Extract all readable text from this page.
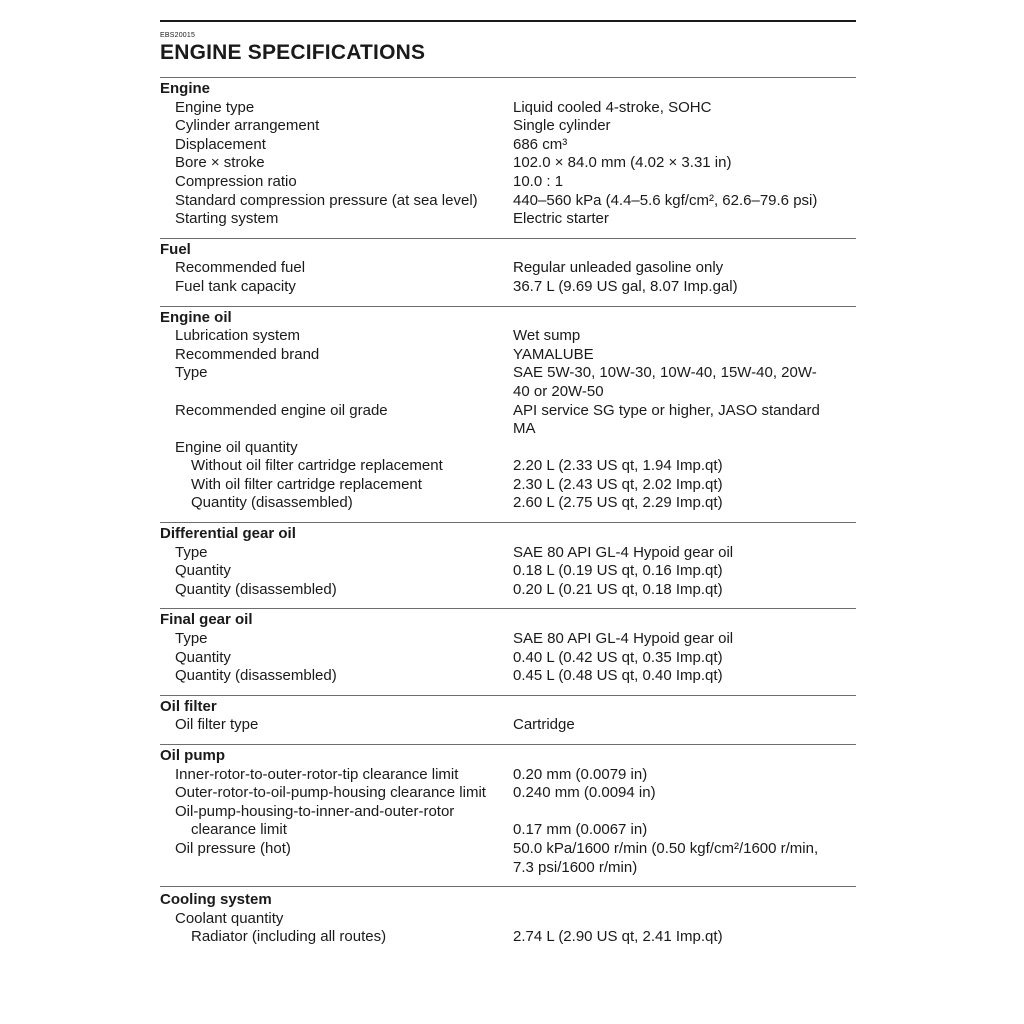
EBS20015
ENGINE SPECIFICATIONS
Engine
Engine type	Liquid cooled 4-stroke, SOHC
Cylinder arrangement	Single cylinder
Displacement	686 cm³
Bore × stroke	102.0 × 84.0 mm (4.02 × 3.31 in)
Compression ratio	10.0 : 1
Standard compression pressure (at sea level)	440–560 kPa (4.4–5.6 kgf/cm², 62.6–79.6 psi)
Starting system	Electric starter
Fuel
Recommended fuel	Regular unleaded gasoline only
Fuel tank capacity	36.7 L (9.69 US gal, 8.07 Imp.gal)
Engine oil
Lubrication system	Wet sump
Recommended brand	YAMALUBE
Type	SAE 5W-30, 10W-30, 10W-40, 15W-40, 20W-
40 or 20W-50
Recommended engine oil grade	API service SG type or higher, JASO standard
MA
Engine oil quantity
Without oil filter cartridge replacement	2.20 L (2.33 US qt, 1.94 Imp.qt)
With oil filter cartridge replacement	2.30 L (2.43 US qt, 2.02 Imp.qt)
Quantity (disassembled)	2.60 L (2.75 US qt, 2.29 Imp.qt)
Differential gear oil
Type	SAE 80 API GL-4 Hypoid gear oil
Quantity	0.18 L (0.19 US qt, 0.16 Imp.qt)
Quantity (disassembled)	0.20 L (0.21 US qt, 0.18 Imp.qt)
Final gear oil
Type	SAE 80 API GL-4 Hypoid gear oil
Quantity	0.40 L (0.42 US qt, 0.35 Imp.qt)
Quantity (disassembled)	0.45 L (0.48 US qt, 0.40 Imp.qt)
Oil filter
Oil filter type	Cartridge
Oil pump
Inner-rotor-to-outer-rotor-tip clearance limit	0.20 mm (0.0079 in)
Outer-rotor-to-oil-pump-housing clearance limit	0.240 mm (0.0094 in)
Oil-pump-housing-to-inner-and-outer-rotor
clearance limit	0.17 mm (0.0067 in)
Oil pressure (hot)	50.0 kPa/1600 r/min (0.50 kgf/cm²/1600 r/min,
7.3 psi/1600 r/min)
Cooling system
Coolant quantity
Radiator (including all routes)	2.74 L (2.90 US qt, 2.41 Imp.qt)
